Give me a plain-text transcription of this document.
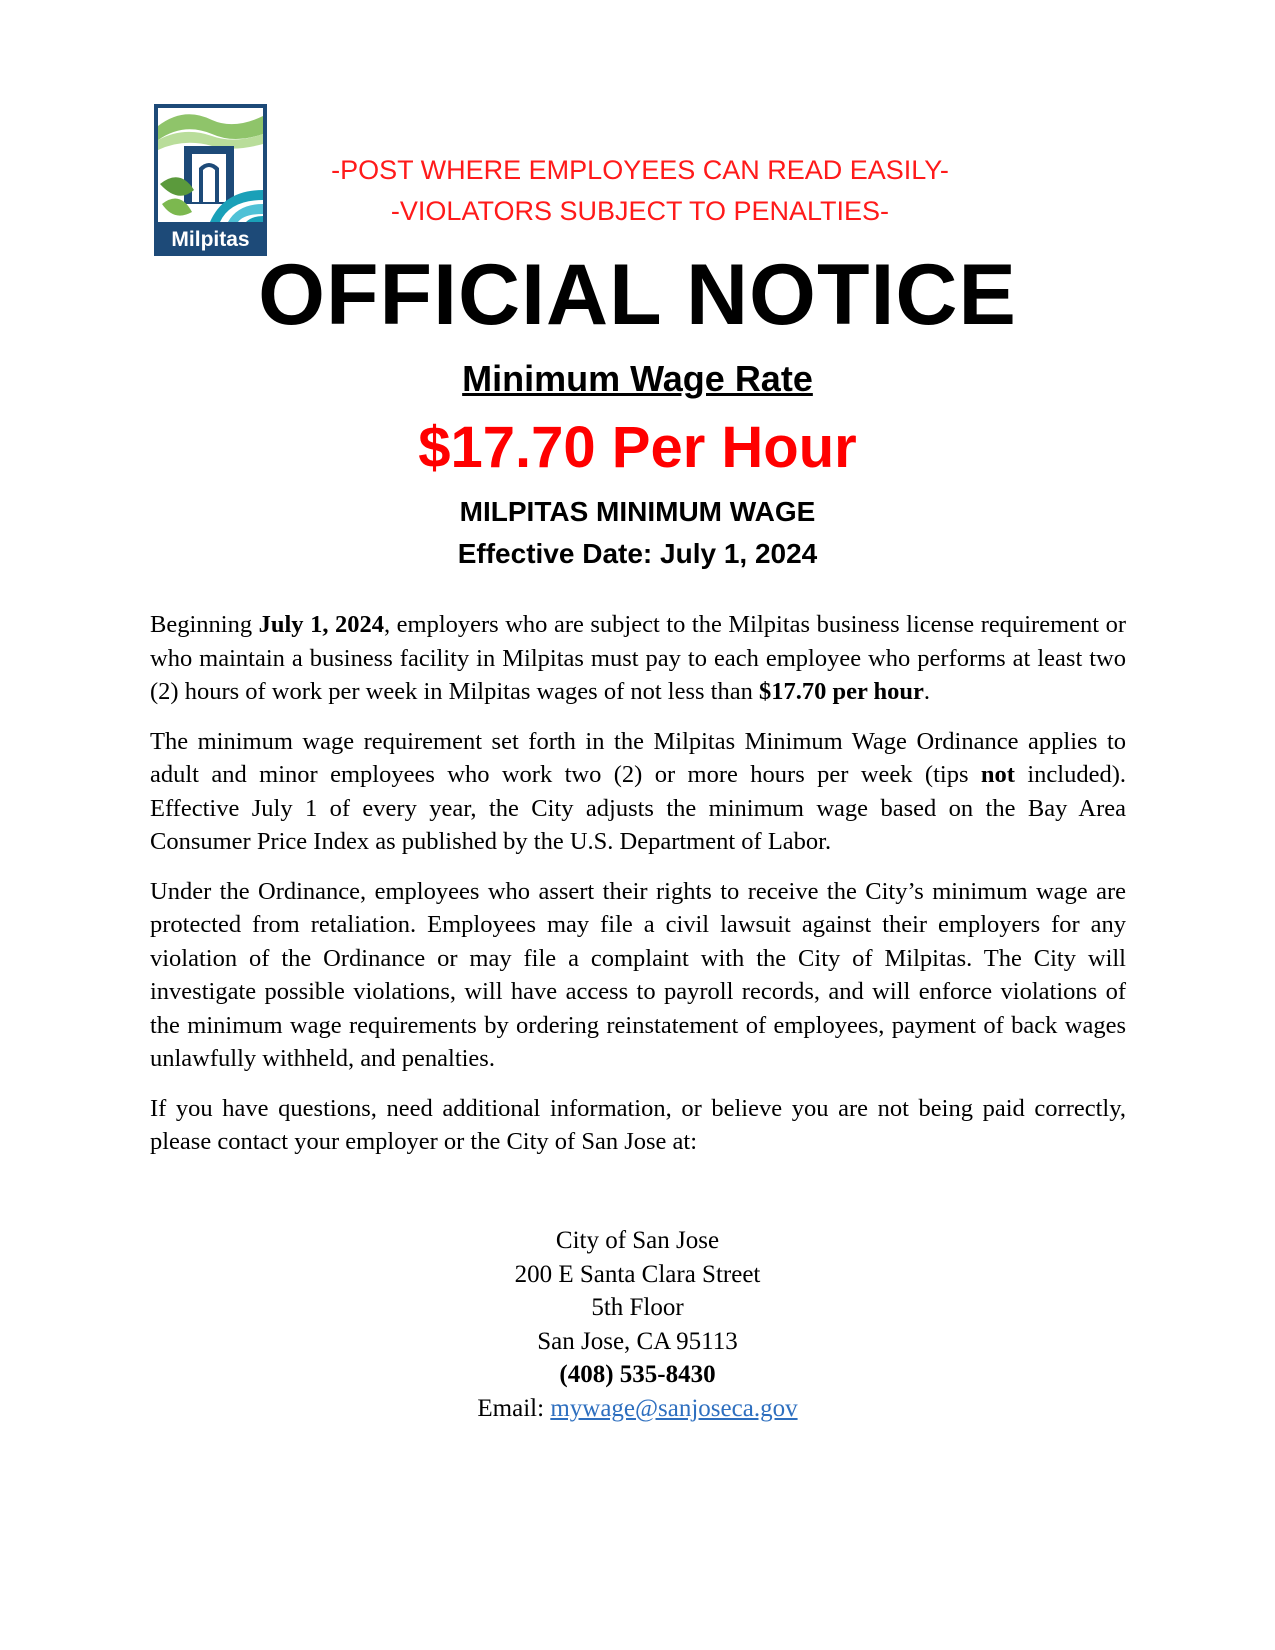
Milpitas
-POST WHERE EMPLOYEES CAN READ EASILY-
-VIOLATORS SUBJECT TO PENALTIES-
OFFICIAL NOTICE
Minimum Wage Rate
$17.70 Per Hour
MILPITAS MINIMUM WAGE
Effective Date: July 1, 2024

Beginning July 1, 2024, employers who are subject to the Milpitas business license requirement or who maintain a business facility in Milpitas must pay to each employee who performs at least two (2) hours of work per week in Milpitas wages of not less than $17.70 per hour.

The minimum wage requirement set forth in the Milpitas Minimum Wage Ordinance applies to adult and minor employees who work two (2) or more hours per week (tips not included). Effective July 1 of every year, the City adjusts the minimum wage based on the Bay Area Consumer Price Index as published by the U.S. Department of Labor.

Under the Ordinance, employees who assert their rights to receive the City’s minimum wage are protected from retaliation. Employees may file a civil lawsuit against their employers for any violation of the Ordinance or may file a complaint with the City of Milpitas. The City will investigate possible violations, will have access to payroll records, and will enforce violations of the minimum wage requirements by ordering reinstatement of employees, payment of back wages unlawfully withheld, and penalties.

If you have questions, need additional information, or believe you are not being paid correctly, please contact your employer or the City of San Jose at:

City of San Jose
200 E Santa Clara Street
5th Floor
San Jose, CA 95113
(408) 535-8430
Email: mywage@sanjoseca.gov
